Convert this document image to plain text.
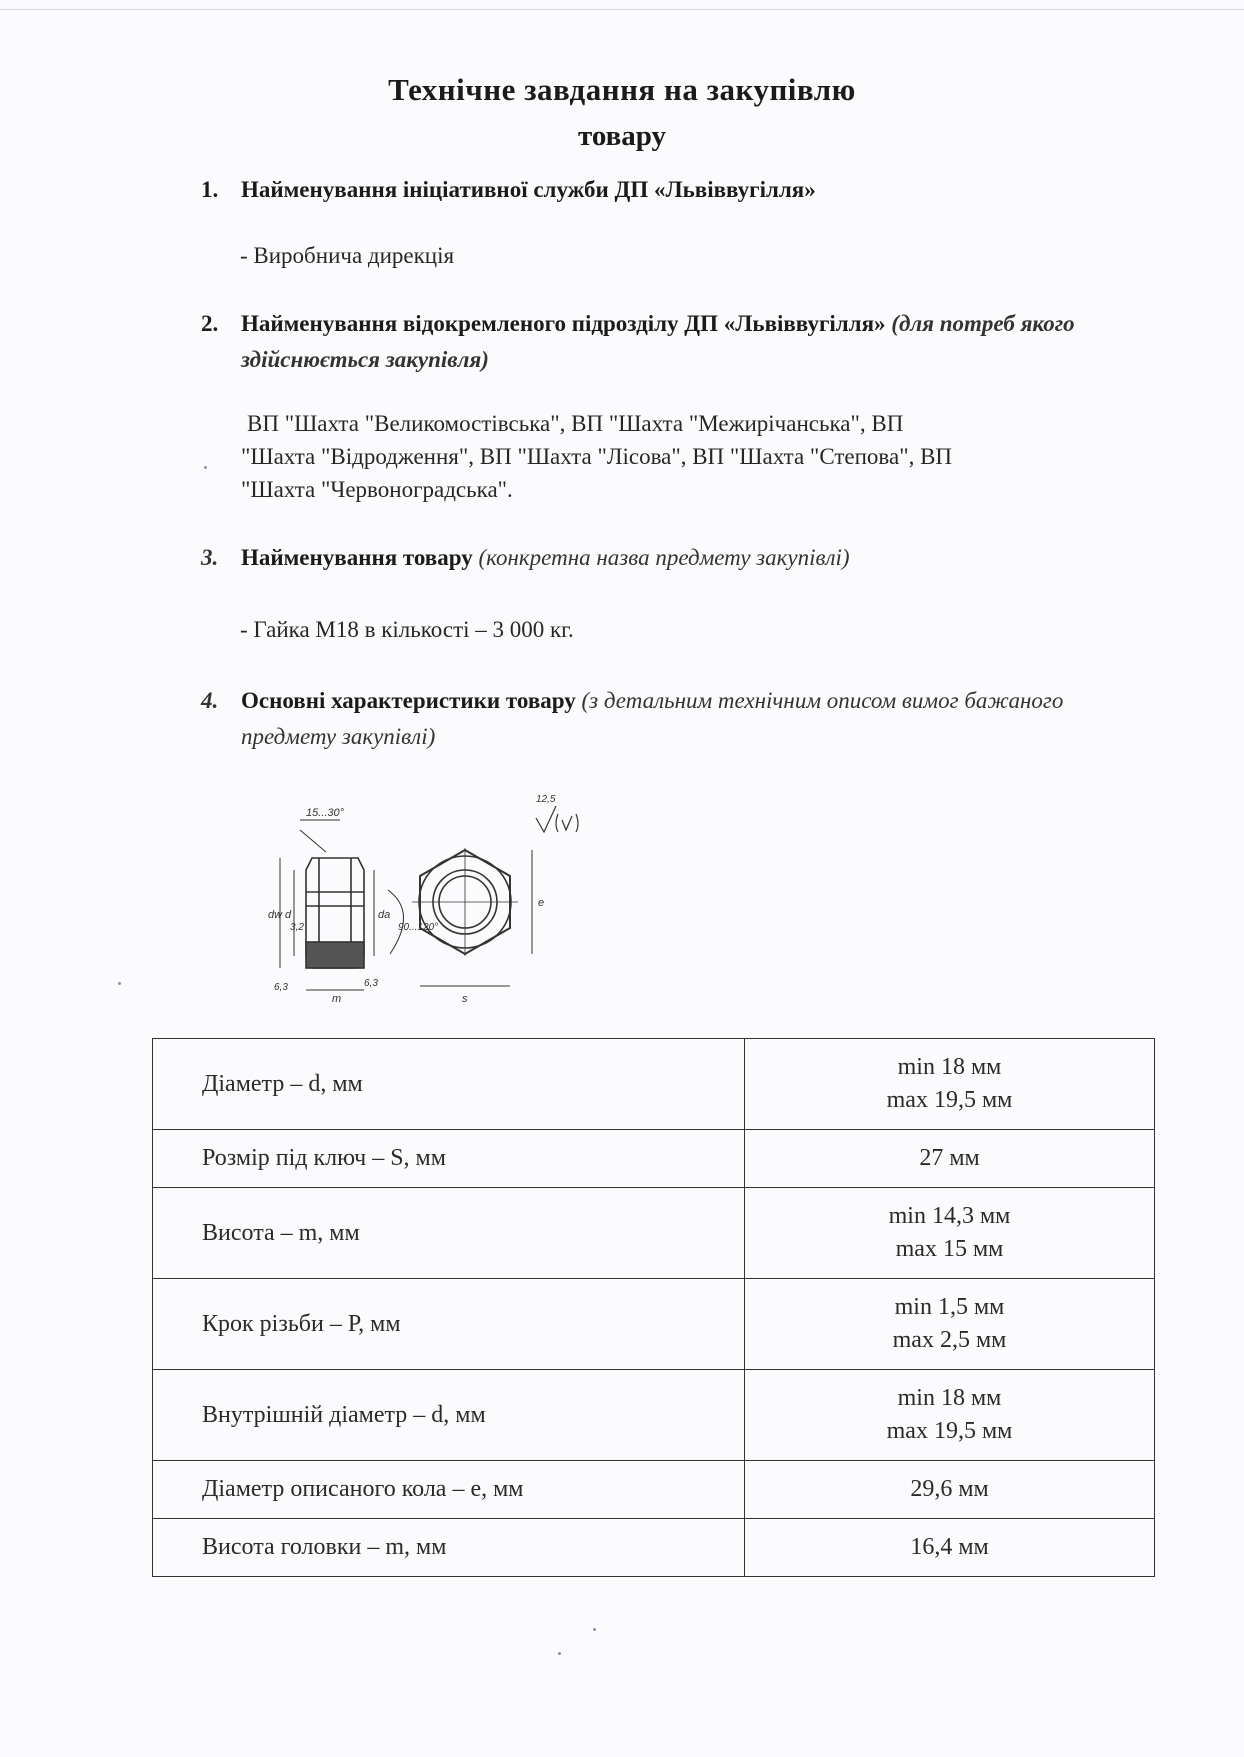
Технічне завдання на закупівлю
товару
1. Найменування ініціативної служби ДП «Львіввугілля»
- Виробнича дирекція
2. Найменування відокремленого підрозділу ДП «Львіввугілля» (для потреб якого здійснюється закупівля)
ВП "Шахта "Великомостівська", ВП "Шахта "Межирічанська", ВП
"Шахта "Відродження", ВП "Шахта "Лісова", ВП "Шахта "Степова", ВП
"Шахта "Червоноградська".
3. Найменування товару (конкретна назва предмету закупівлі)
- Гайка М18 в кількості – 3 000 кг.
4. Основні характеристики товару (з детальним технічним описом вимог бажаного предмету закупівлі)
15...30°
12,5
dw d	da
90...120°
3,2
6,3	6,3
m	s
e
Діаметр – d, мм	min 18 мм
max 19,5 мм

Розмір під ключ – S, мм	27 мм

Висота – m, мм	min 14,3 мм
max 15 мм

Крок різьби – Р, мм	min 1,5 мм
max 2,5 мм

Внутрішній діаметр – d, мм	min 18 мм
max 19,5 мм

Діаметр описаного кола – e, мм	29,6 мм

Висота головки – m, мм	16,4 мм
